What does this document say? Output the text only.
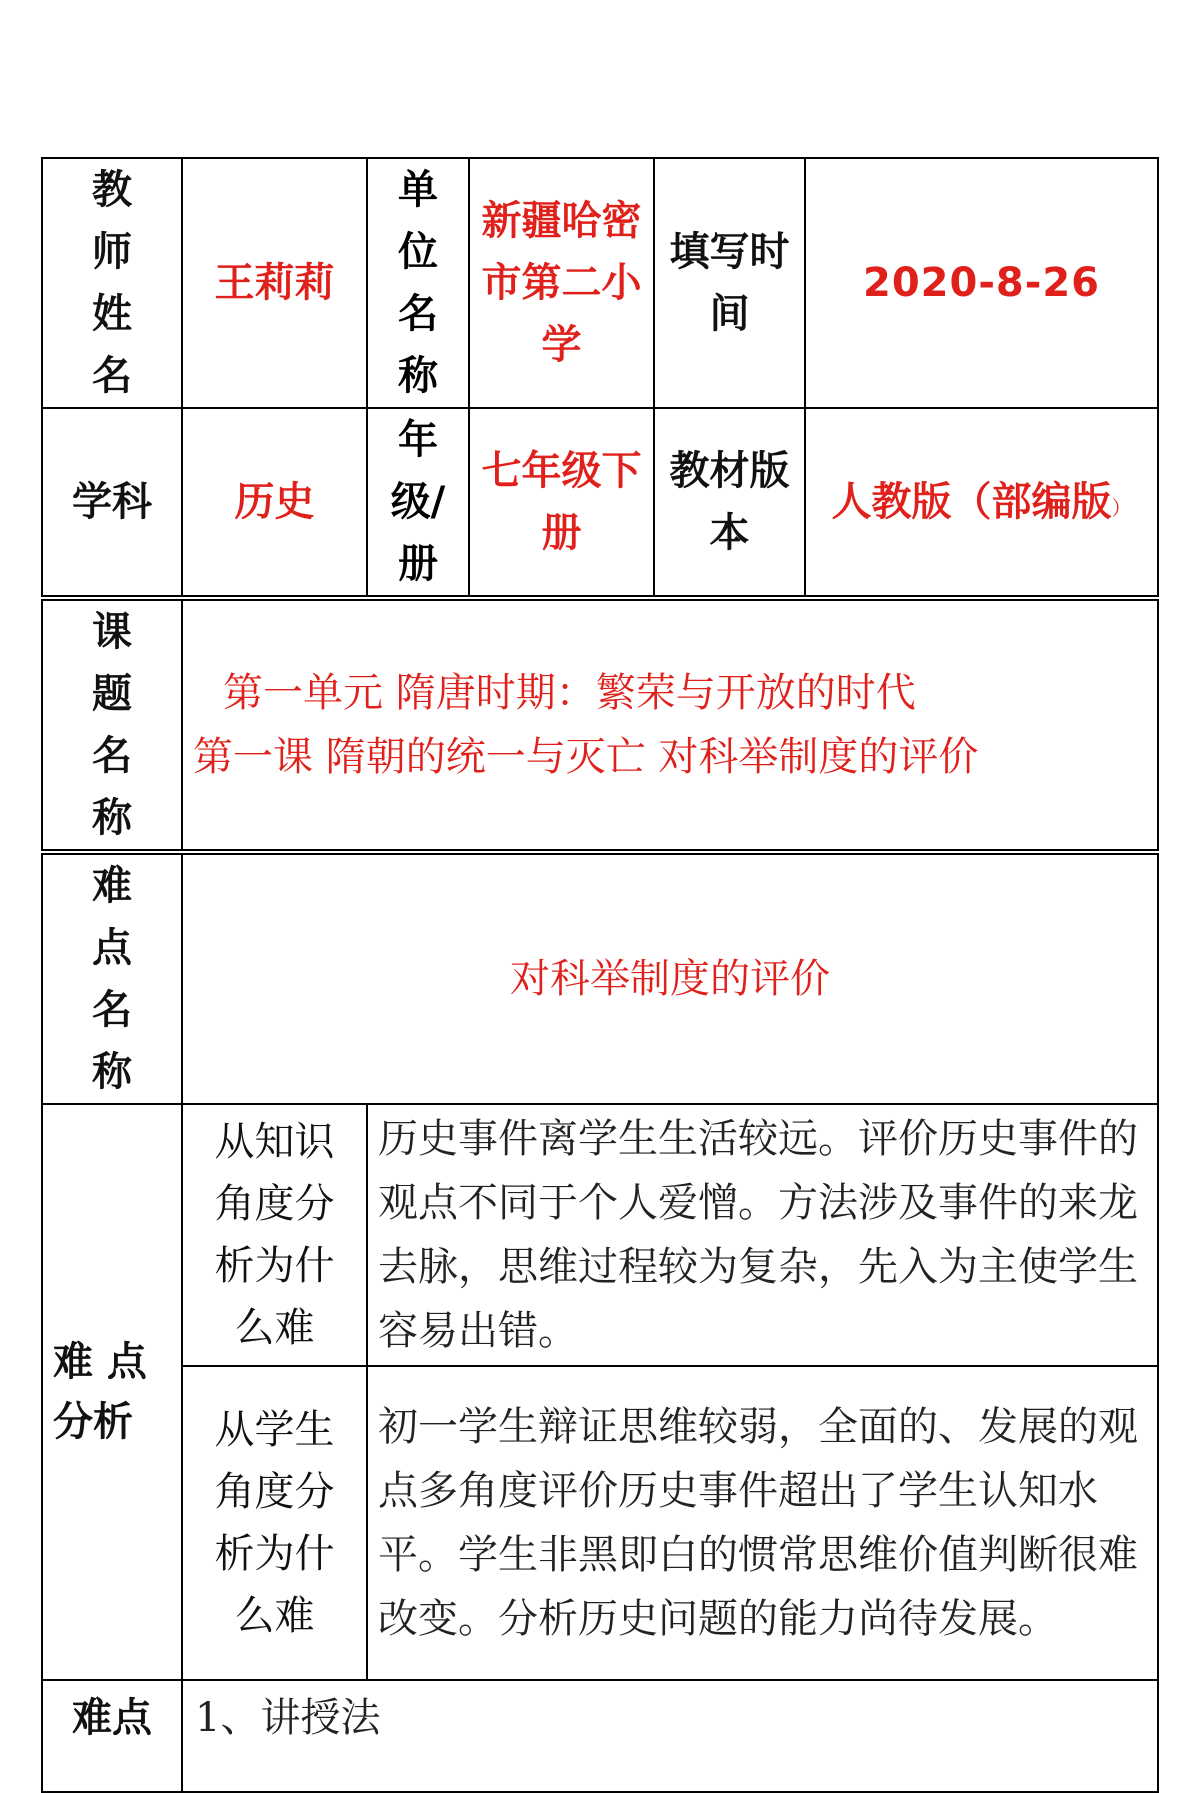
教师姓名	王莉莉	单位名称	新疆哈密市第二小学	填写时间	2020-8-26
学科	历史	年级/册	七年级下册	教材版本	人教版（部编版）
课题名称	第一单元 隋唐时期：繁荣与开放的时代
第一课 隋朝的统一与灭亡 对科举制度的评价				

难点名称	对科举制度的评价				
难 点分析	从知识角度分析为什么难	历史事件离学生生活较远。评价历史事件的观点不同于个人爱憎。方法涉及事件的来龙去脉，思维过程较为复杂，先入为主使学生容易出错。			
	从学生角度分析为什么难	初一学生辩证思维较弱，全面的、发展的观点多角度评价历史事件超出了学生认知水平。学生非黑即白的惯常思维价值判断很难改变。分析历史问题的能力尚待发展。			
难点	1、讲授法				
